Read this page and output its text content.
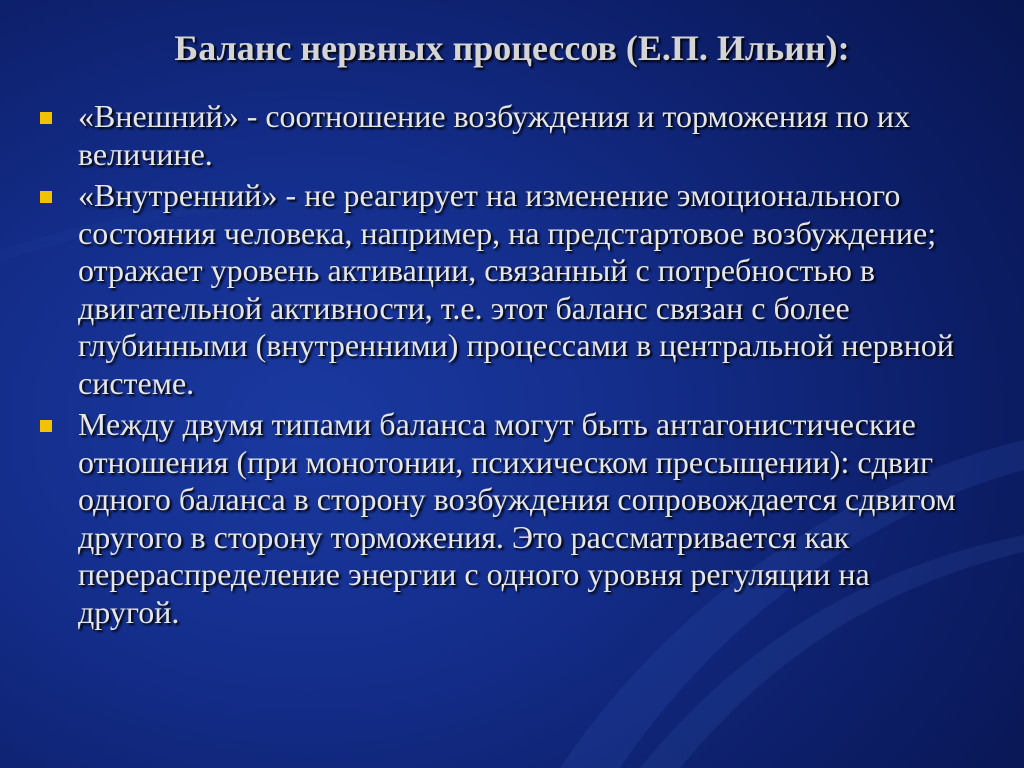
Баланс нервных процессов (Е.П. Ильин):
«Внешний» - соотношение возбуждения и торможения по их величине.
«Внутренний» - не реагирует на изменение эмоционального состояния человека, например, на предстартовое возбуждение; отражает уровень активации, связанный с потребностью в двигательной активности, т.е. этот баланс связан с более глубинными (внутренними) процессами в центральной нервной системе.
Между двумя типами баланса могут быть антагонистические отношения (при монотонии, психическом пресыщении): сдвиг одного баланса в сторону возбуждения сопровождается сдвигом другого в сторону торможения. Это рассматривается как перераспределение энергии с одного уровня регуляции на другой.
